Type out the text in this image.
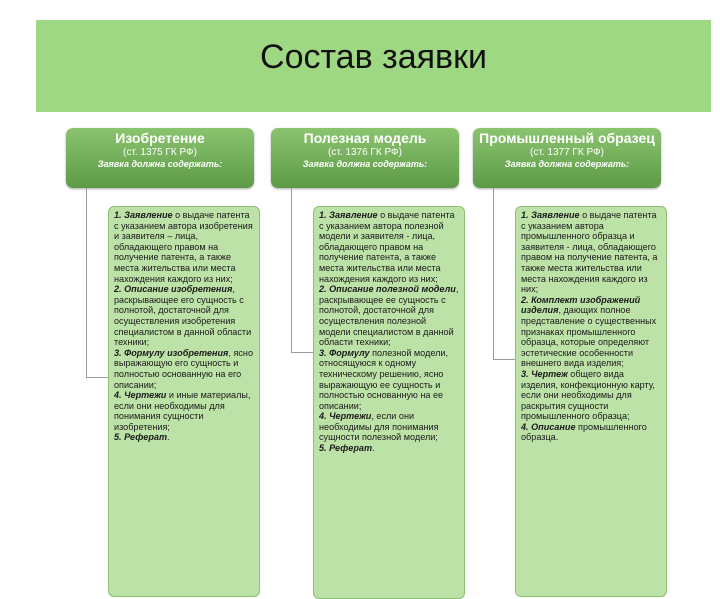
Состав заявки
Изобретение
(ст. 1375 ГК РФ)
Заявка должна содержать:

1. Заявление о выдаче патента с указанием автора изобретения и заявителя – лица, обладающего правом на получение патента, а также места жительства или места нахождения каждого из них;

2. Описание изобретения, раскрывающее его сущность с полнотой, достаточной для осуществления изобретения специалистом в данной области техники;

3. Формулу изобретения, ясно выражающую его сущность и полностью основанную на его описании;

4. Чертежи и иные материалы, если они необходимы для понимания сущности изобретения;

5. Реферат.

Полезная модель
(ст. 1376 ГК РФ)
Заявка должна содержать:

1. Заявление о выдаче патента с указанием автора полезной модели и заявителя - лица, обладающего правом на получение патента, а также места жительства или места нахождения каждого из них;

2. Описание полезной модели, раскрывающее ее сущность с полнотой, достаточной для осуществления полезной модели специалистом в данной области техники;

3. Формулу полезной модели, относящуюся к одному техническому решению, ясно выражающую ее сущность и полностью основанную на ее описании;

4. Чертежи, если они необходимы для понимания сущности полезной модели;

5. Реферат.

Промышленный образец
(ст. 1377 ГК РФ)
Заявка должна содержать:

1. Заявление о выдаче патента с указанием автора промышленного образца и заявителя - лица, обладающего правом на получение патента, а также места жительства или места нахождения каждого из них;

2. Комплект изображений изделия, дающих полное представление о существенных признаках промышленного образца, которые определяют эстетические особенности внешнего вида изделия;

3. Чертеж общего вида изделия, конфекционную карту, если они необходимы для раскрытия сущности промышленного образца;

4. Описание промышленного образца.
